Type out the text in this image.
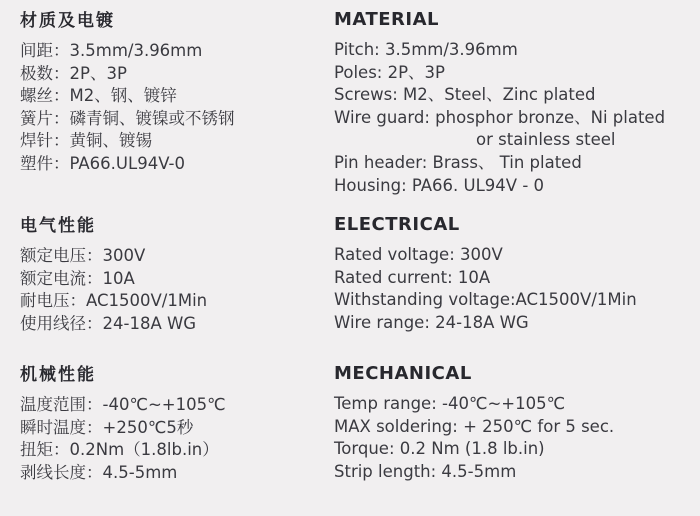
材质及电镀
间距：3.5mm/3.96mm
极数：2P、3P
螺丝：M2、钢、镀锌
簧片：磷青铜、镀镍或不锈钢
焊针：黄铜、镀锡
塑件：PA66.UL94V-0
电气性能
额定电压：300V
额定电流：10A
耐电压：AC1500V/1Min
使用线径：24-18A WG
机械性能
温度范围：-40℃~+105℃
瞬时温度：+250℃5秒
扭矩：0.2Nm（1.8lb.in）
剥线长度：4.5-5mm
MATERIAL
Pitch: 3.5mm/3.96mm
Poles: 2P、3P
Screws: M2、Steel、Zinc plated
Wire guard: phosphor bronze、Ni plated
or stainless steel
Pin header: Brass、 Tin plated
Housing: PA66. UL94V - 0
ELECTRICAL
Rated voltage: 300V
Rated current: 10A
Withstanding voltage:AC1500V/1Min
Wire range: 24-18A WG
MECHANICAL
Temp range: -40℃~+105℃
MAX soldering: + 250℃ for 5 sec.
Torque: 0.2 Nm (1.8 lb.in)
Strip length: 4.5-5mm
